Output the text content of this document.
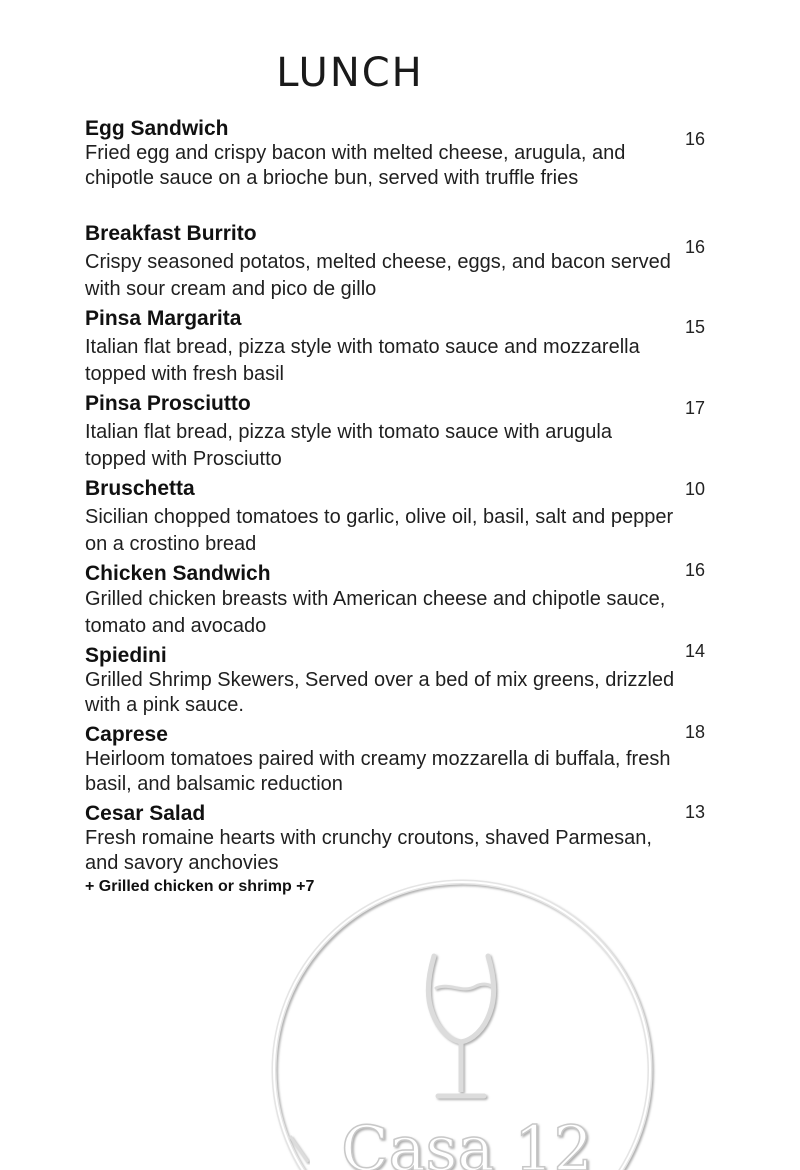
LUNCH
Egg Sandwich
Fried egg and crispy bacon with melted cheese, arugula, and chipotle sauce on a brioche bun, served with truffle fries
16
Breakfast Burrito
Crispy seasoned potatos, melted cheese, eggs, and bacon served with sour cream and pico de gillo
16
Pinsa Margarita
Italian flat bread, pizza style with tomato sauce and mozzarella topped with fresh basil
15
Pinsa Prosciutto
Italian flat bread, pizza style with tomato sauce with arugula topped with Prosciutto
17
Bruschetta
Sicilian chopped tomatoes to garlic, olive oil, basil, salt and pepper on a crostino bread
10
Chicken Sandwich
Grilled chicken breasts with American cheese and chipotle sauce, tomato and avocado
16
Spiedini
Grilled Shrimp Skewers, Served over a bed of mix greens, drizzled with a pink sauce.
14
Caprese
Heirloom tomatoes paired with creamy mozzarella di buffala, fresh basil, and balsamic reduction
18
Cesar Salad
Fresh romaine hearts with crunchy croutons, shaved Parmesan, and savory anchovies
13
+ Grilled chicken or shrimp +7
Casa 12
